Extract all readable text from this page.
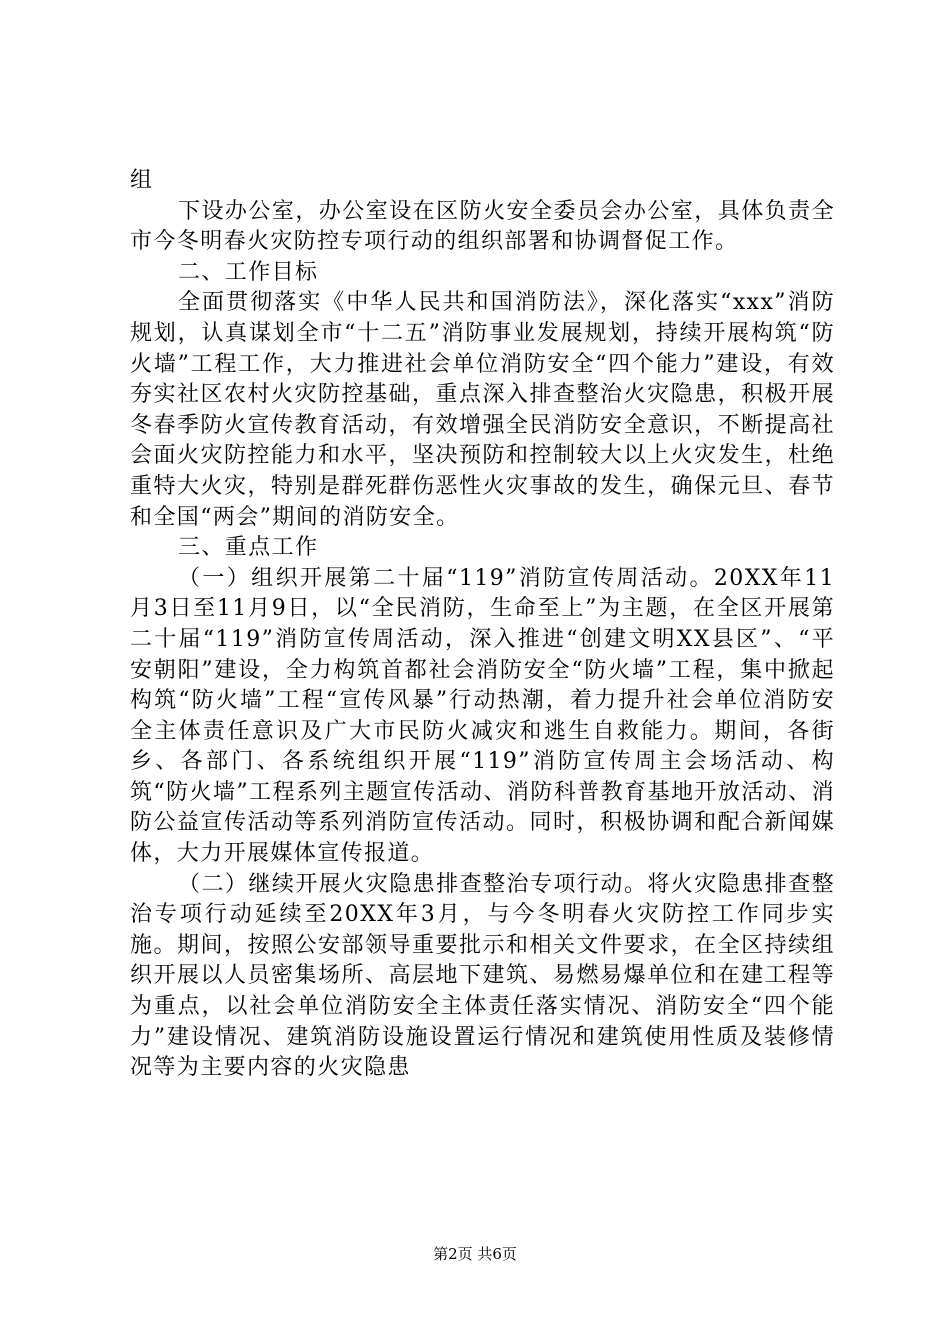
组

下设办公室，办公室设在区防火安全委员会办公室，具体负责全市今冬明春火灾防控专项行动的组织部署和协调督促工作。

二、工作目标

全面贯彻落实《中华人民共和国消防法》，深化落实“xxx”消防规划，认真谋划全市“十二五”消防事业发展规划，持续开展构筑“防火墙”工程工作，大力推进社会单位消防安全“四个能力”建设，有效夯实社区农村火灾防控基础，重点深入排查整治火灾隐患，积极开展冬春季防火宣传教育活动，有效增强全民消防安全意识，不断提高社会面火灾防控能力和水平，坚决预防和控制较大以上火灾发生，杜绝重特大火灾，特别是群死群伤恶性火灾事故的发生，确保元旦、春节和全国“两会”期间的消防安全。

三、重点工作

（一）组织开展第二十届“119”消防宣传周活动。20XX年11月3日至11月9日，以“全民消防，生命至上”为主题，在全区开展第二十届“119”消防宣传周活动，深入推进“创建文明XX县区”、“平安朝阳”建设，全力构筑首都社会消防安全“防火墙”工程，集中掀起构筑“防火墙”工程“宣传风暴”行动热潮，着力提升社会单位消防安全主体责任意识及广大市民防火减灾和逃生自救能力。期间，各街乡、各部门、各系统组织开展“119”消防宣传周主会场活动、构筑“防火墙”工程系列主题宣传活动、消防科普教育基地开放活动、消防公益宣传活动等系列消防宣传活动。同时，积极协调和配合新闻媒体，大力开展媒体宣传报道。

（二）继续开展火灾隐患排查整治专项行动。将火灾隐患排查整治专项行动延续至20XX年3月，与今冬明春火灾防控工作同步实施。期间，按照公安部领导重要批示和相关文件要求，在全区持续组织开展以人员密集场所、高层地下建筑、易燃易爆单位和在建工程等为重点，以社会单位消防安全主体责任落实情况、消防安全“四个能力”建设情况、建筑消防设施设置运行情况和建筑使用性质及装修情况等为主要内容的火灾隐患

第2页 共6页
